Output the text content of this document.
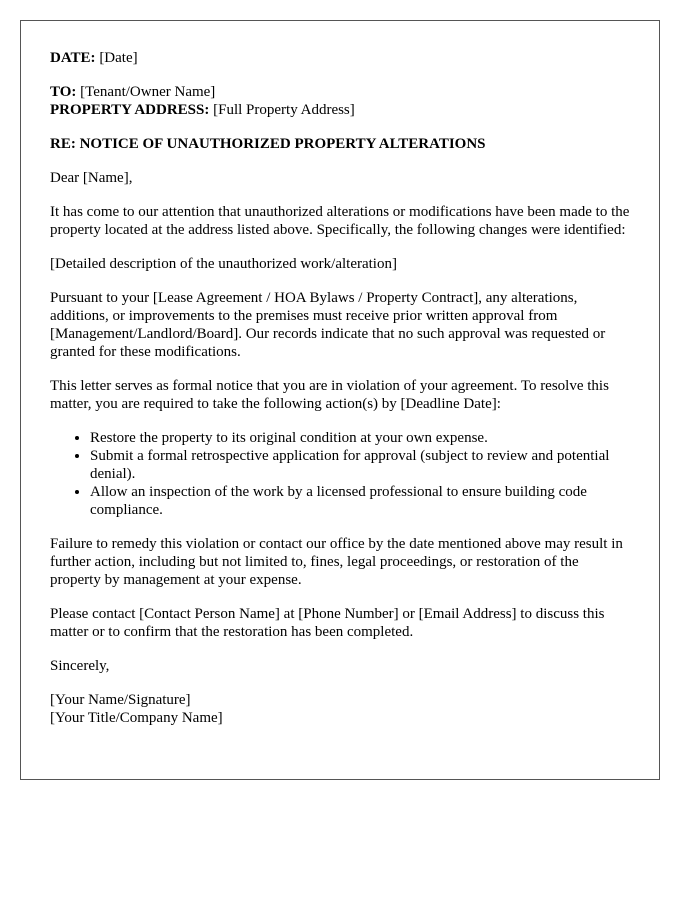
DATE: [Date]

TO: [Tenant/Owner Name]
PROPERTY ADDRESS: [Full Property Address]

RE: NOTICE OF UNAUTHORIZED PROPERTY ALTERATIONS

Dear [Name],

It has come to our attention that unauthorized alterations or modifications have been made to the property located at the address listed above. Specifically, the following changes were identified:

[Detailed description of the unauthorized work/alteration]

Pursuant to your [Lease Agreement / HOA Bylaws / Property Contract], any alterations, additions, or improvements to the premises must receive prior written approval from [Management/Landlord/Board]. Our records indicate that no such approval was requested or granted for these modifications.

This letter serves as formal notice that you are in violation of your agreement. To resolve this matter, you are required to take the following action(s) by [Deadline Date]:

• Restore the property to its original condition at your own expense.
• Submit a formal retrospective application for approval (subject to review and potential denial).
• Allow an inspection of the work by a licensed professional to ensure building code compliance.

Failure to remedy this violation or contact our office by the date mentioned above may result in further action, including but not limited to, fines, legal proceedings, or restoration of the property by management at your expense.

Please contact [Contact Person Name] at [Phone Number] or [Email Address] to discuss this matter or to confirm that the restoration has been completed.

Sincerely,

[Your Name/Signature]

[Your Title/Company Name]
